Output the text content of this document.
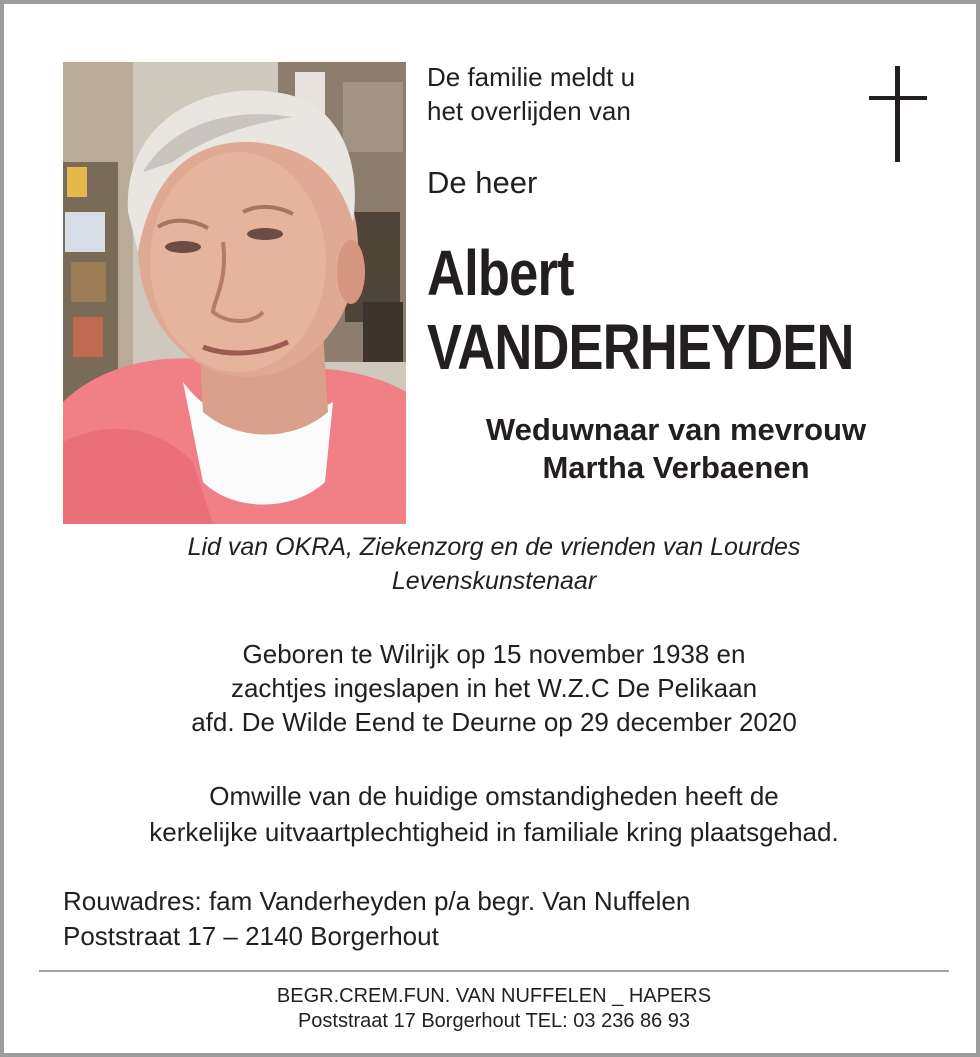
De familie meldt u
het overlijden van
De heer
Albert
VANDERHEYDEN
Weduwnaar van mevrouw
Martha Verbaenen
Lid van OKRA, Ziekenzorg en de vrienden van Lourdes
Levenskunstenaar
Geboren te Wilrijk op 15 november 1938 en
zachtjes ingeslapen in het W.Z.C De Pelikaan
afd. De Wilde Eend te Deurne op 29 december 2020
Omwille van de huidige omstandigheden heeft de
kerkelijke uitvaartplechtigheid in familiale kring plaatsgehad.
Rouwadres: fam Vanderheyden p/a begr. Van Nuffelen
Poststraat 17 – 2140 Borgerhout
BEGR.CREM.FUN. VAN NUFFELEN _ HAPERS
Poststraat 17 Borgerhout TEL: 03 236 86 93
